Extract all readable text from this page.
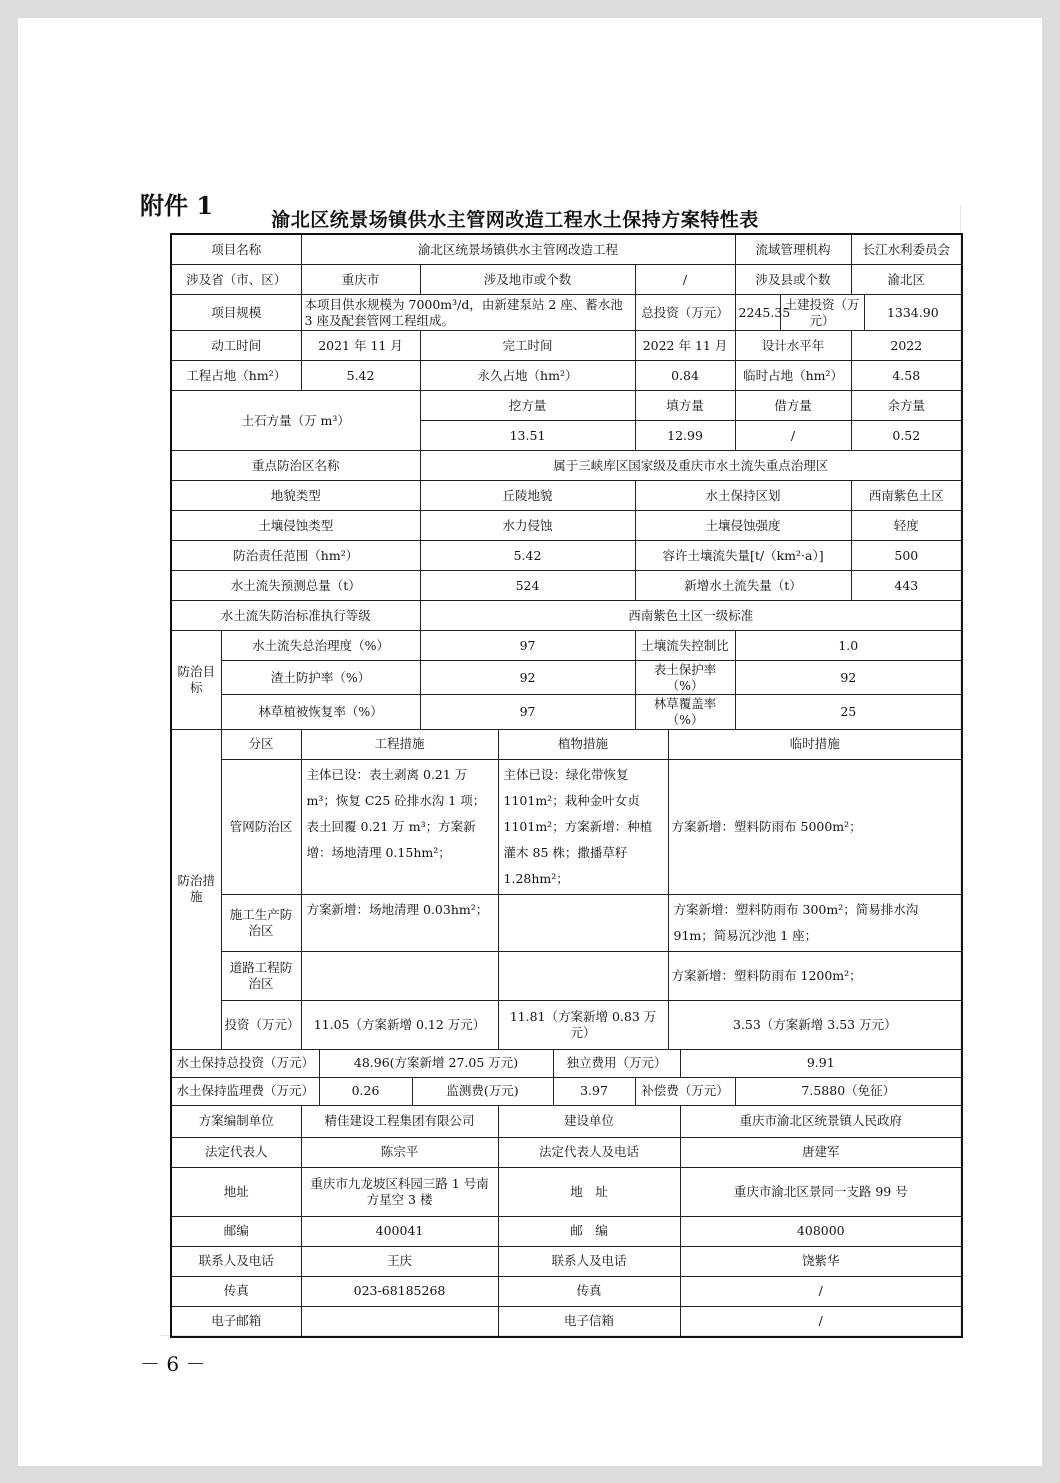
附件 1	渝北区统景场镇供水主管网改造工程水土保持方案特性表
项目名称		渝北区统景场镇供水主管网改造工程									流域管理机构		长江水利委员会	
涉及省（市、区）		重庆市			涉及地市或个数			/			涉及县或个数		渝北区	
项目规模		本项目供水规模为 7000m³/d，由新建泵站 2 座、蓄水池 3 座及配套管网工程组成。						总投资（万元）			2245.35	土建投资（万元）		1334.90
动工时间		2021 年 11 月			完工时间			2022 年 11 月			设计水平年		2022	
工程占地（hm²）		5.42			永久占地（hm²）			0.84			临时占地（hm²）		4.58	
土石方量（万 m³）					挖方量			填方量			借方量		余方量	
					13.51			12.99			/		0.52	
重点防治区名称					属于三峡库区国家级及重庆市水土流失重点治理区									
地貌类型					丘陵地貌			水土保持区划					西南紫色土区	
土壤侵蚀类型					水力侵蚀			土壤侵蚀强度					轻度	
防治责任范围（hm²）					5.42			容许土壤流失量[t/（km²·a）]					500	
水土流失预测总量（t）					524			新增水土流失量（t）					443	
水土流失防治标准执行等级					西南紫色土区一级标准									
防治目标	水土流失总治理度（%）				97			土壤流失控制比			1.0			
	渣土防护率（%）				92			表土保护率（%）			92			
	林草植被恢复率（%）				97			林草覆盖率（%）			25			
防治措施	分区	工程措施				植物措施			临时措施					
	管网防治区	主体已设：表土剥离 0.21 万 m³；恢复 C25 砼排水沟 1 项；表土回覆 0.21 万 m³；方案新增：场地清理 0.15hm²；				主体已设：绿化带恢复 1101m²；栽种金叶女贞 1101m²；方案新增：种植灌木 85 株；撒播草籽 1.28hm²；			方案新增：塑料防雨布 5000m²；					
	施工生产防治区	方案新增：场地清理 0.03hm²；							方案新增：塑料防雨布 300m²；简易排水沟 91m；简易沉沙池 1 座；					
	道路工程防治区								方案新增：塑料防雨布 1200m²；					
	投资（万元）	11.05（方案新增 0.12 万元）				11.81（方案新增 0.83 万元）			3.53（方案新增 3.53 万元）					
水土保持总投资（万元）			48.96(方案新增 27.05 万元)				独立费用（万元）			9.91				
水土保持监理费（万元）			0.26	监测费(万元)			3.97	补偿费（万元）			7.5880（免征）			
方案编制单位		精佳建设工程集团有限公司				建设单位				重庆市渝北区统景镇人民政府				
法定代表人		陈宗平				法定代表人及电话				唐建军				
地址		重庆市九龙坡区科园三路 1 号南方星空 3 楼				地　址				重庆市渝北区景同一支路 99 号				
邮编		400041				邮　编				408000				
联系人及电话		王庆				联系人及电话				饶紫华				
传真		023-68185268				传真				/				
电子邮箱						电子信箱				/				
－ 6 －
